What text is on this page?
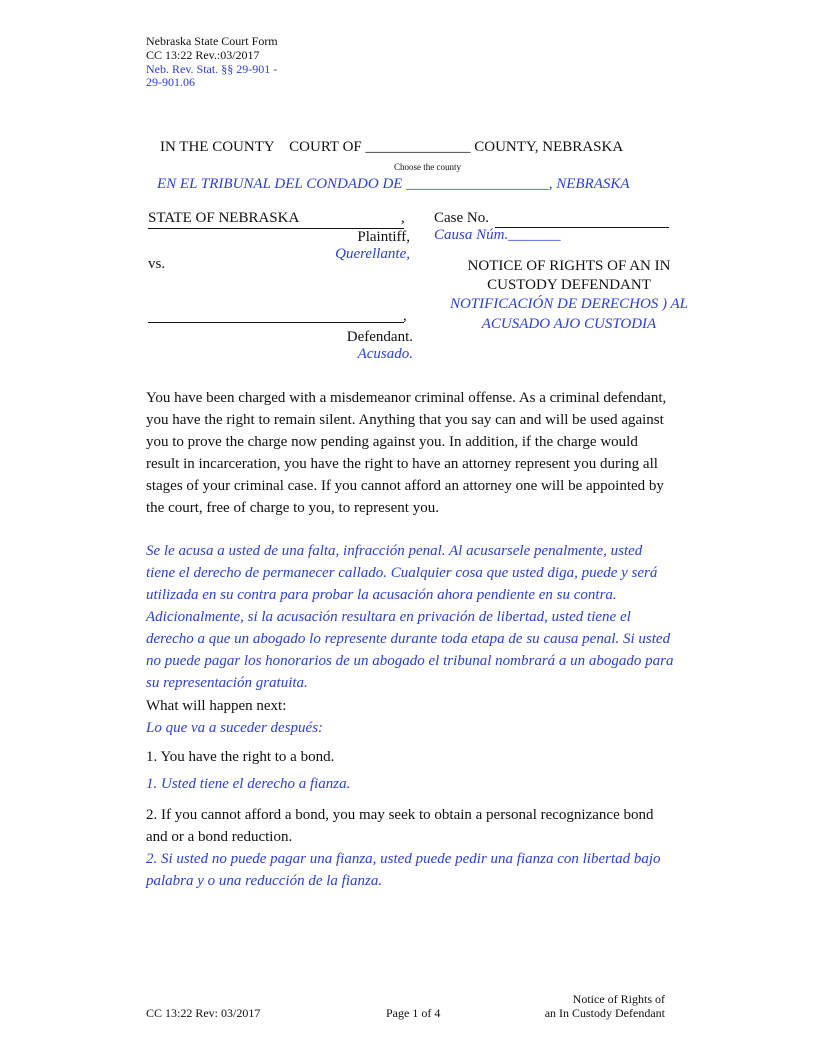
Nebraska State Court Form
CC 13:22 Rev.:03/2017
Neb. Rev. Stat. §§ 29-901 -
29-901.06
IN THE COUNTY    COURT OF ______________ COUNTY, NEBRASKA
Choose the county
EN EL TRIBUNAL DEL CONDADO DE ___________________, NEBRASKA
STATE OF NEBRASKA	,
Plaintiff,
Querellante,
vs.
,
Defendant.
Acusado.
Case No.
Causa Núm._______
NOTICE OF RIGHTS OF AN IN
CUSTODY DEFENDANT
NOTIFICACIÓN DE DERECHOS ) AL
ACUSADO AJO CUSTODIA
You have been charged with a misdemeanor criminal offense. As a criminal defendant, you have the right to remain silent. Anything that you say can and will be used against you to prove the charge now pending against you. In addition, if the charge would result in incarceration, you have the right to have an attorney represent you during all stages of your criminal case. If you cannot afford an attorney one will be appointed by the court, free of charge to you, to represent you.
Se le acusa a usted de una falta, infracción penal. Al acusarsele penalmente, usted tiene el derecho de permanecer callado. Cualquier cosa que usted diga, puede y será utilizada en su contra para probar la acusación ahora pendiente en su contra. Adicionalmente, si la acusación resultara en privación de libertad, usted tiene el derecho a que un abogado lo represente durante toda etapa de su causa penal. Si usted no puede pagar los honorarios de un abogado el tribunal nombrará a un abogado para su representación gratuita.
What will happen next:
Lo que va a suceder después:
1. You have the right to a bond.
1. Usted tiene el derecho a fianza.
2. If you cannot afford a bond, you may seek to obtain a personal recognizance bond and or a bond reduction.
2. Si usted no puede pagar una fianza, usted puede pedir una fianza con libertad bajo palabra y o una reducción de la fianza.
CC 13:22 Rev: 03/2017	Page 1 of 4
Notice of Rights of
an In Custody Defendant
